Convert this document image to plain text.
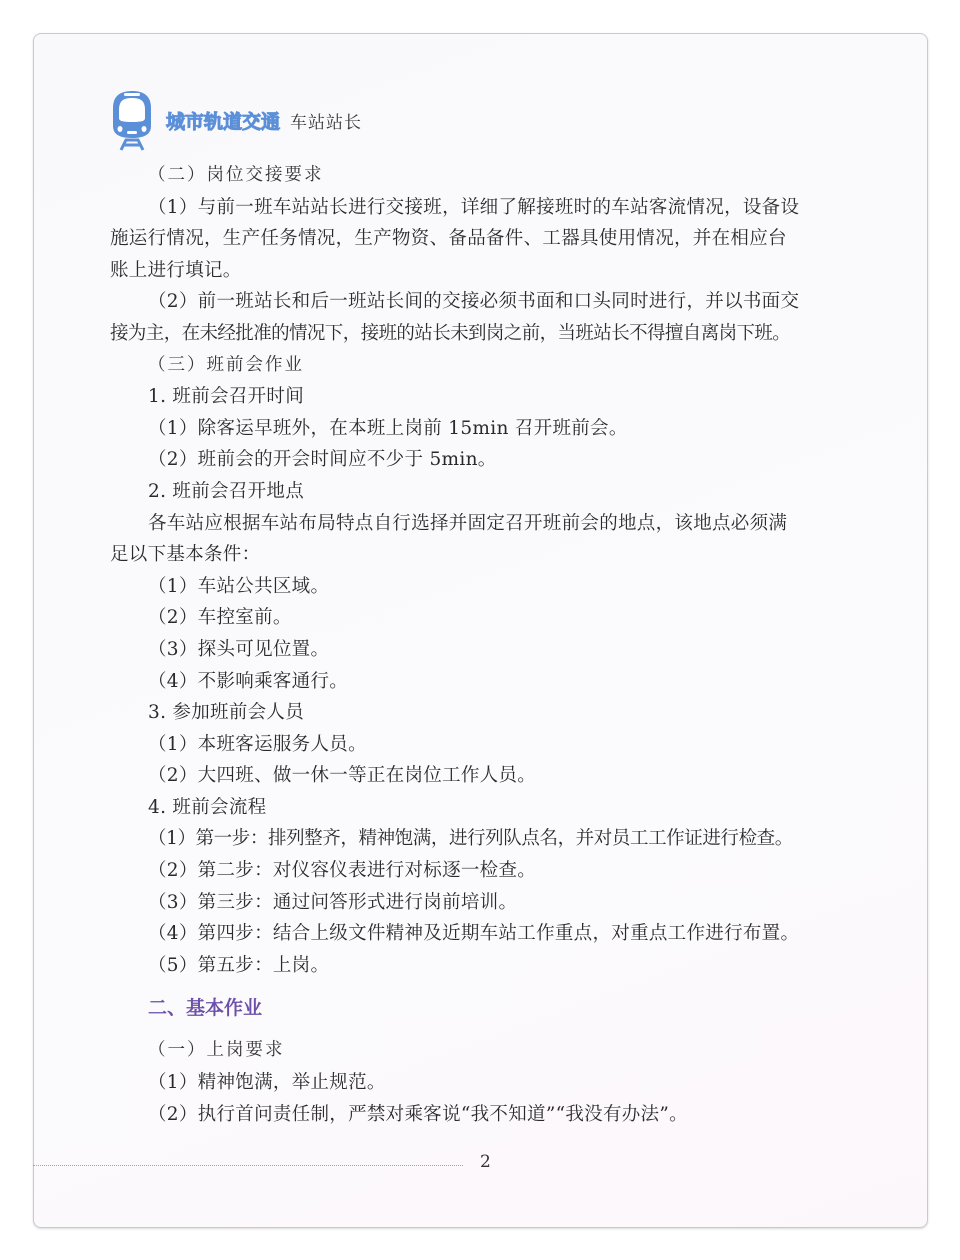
城市轨道交通 车站站长
（二）岗位交接要求
（1）与前一班车站站长进行交接班，详细了解接班时的车站客流情况，设备设
施运行情况，生产任务情况，生产物资、备品备件、工器具使用情况，并在相应台
账上进行填记。
（2）前一班站长和后一班站长间的交接必须书面和口头同时进行，并以书面交
接为主，在未经批准的情况下，接班的站长未到岗之前，当班站长不得擅自离岗下班。
（三）班前会作业
1. 班前会召开时间
（1）除客运早班外，在本班上岗前 15min 召开班前会。
（2）班前会的开会时间应不少于 5min。
2. 班前会召开地点
各车站应根据车站布局特点自行选择并固定召开班前会的地点，该地点必须满
足以下基本条件：
（1）车站公共区域。
（2）车控室前。
（3）探头可见位置。
（4）不影响乘客通行。
3. 参加班前会人员
（1）本班客运服务人员。
（2）大四班、做一休一等正在岗位工作人员。
4. 班前会流程
（1）第一步：排列整齐，精神饱满，进行列队点名，并对员工工作证进行检查。
（2）第二步：对仪容仪表进行对标逐一检查。
（3）第三步：通过问答形式进行岗前培训。
（4）第四步：结合上级文件精神及近期车站工作重点，对重点工作进行布置。
（5）第五步：上岗。
二、基本作业
（一）上岗要求
（1）精神饱满，举止规范。
（2）执行首问责任制，严禁对乘客说“我不知道”“我没有办法”。
2
